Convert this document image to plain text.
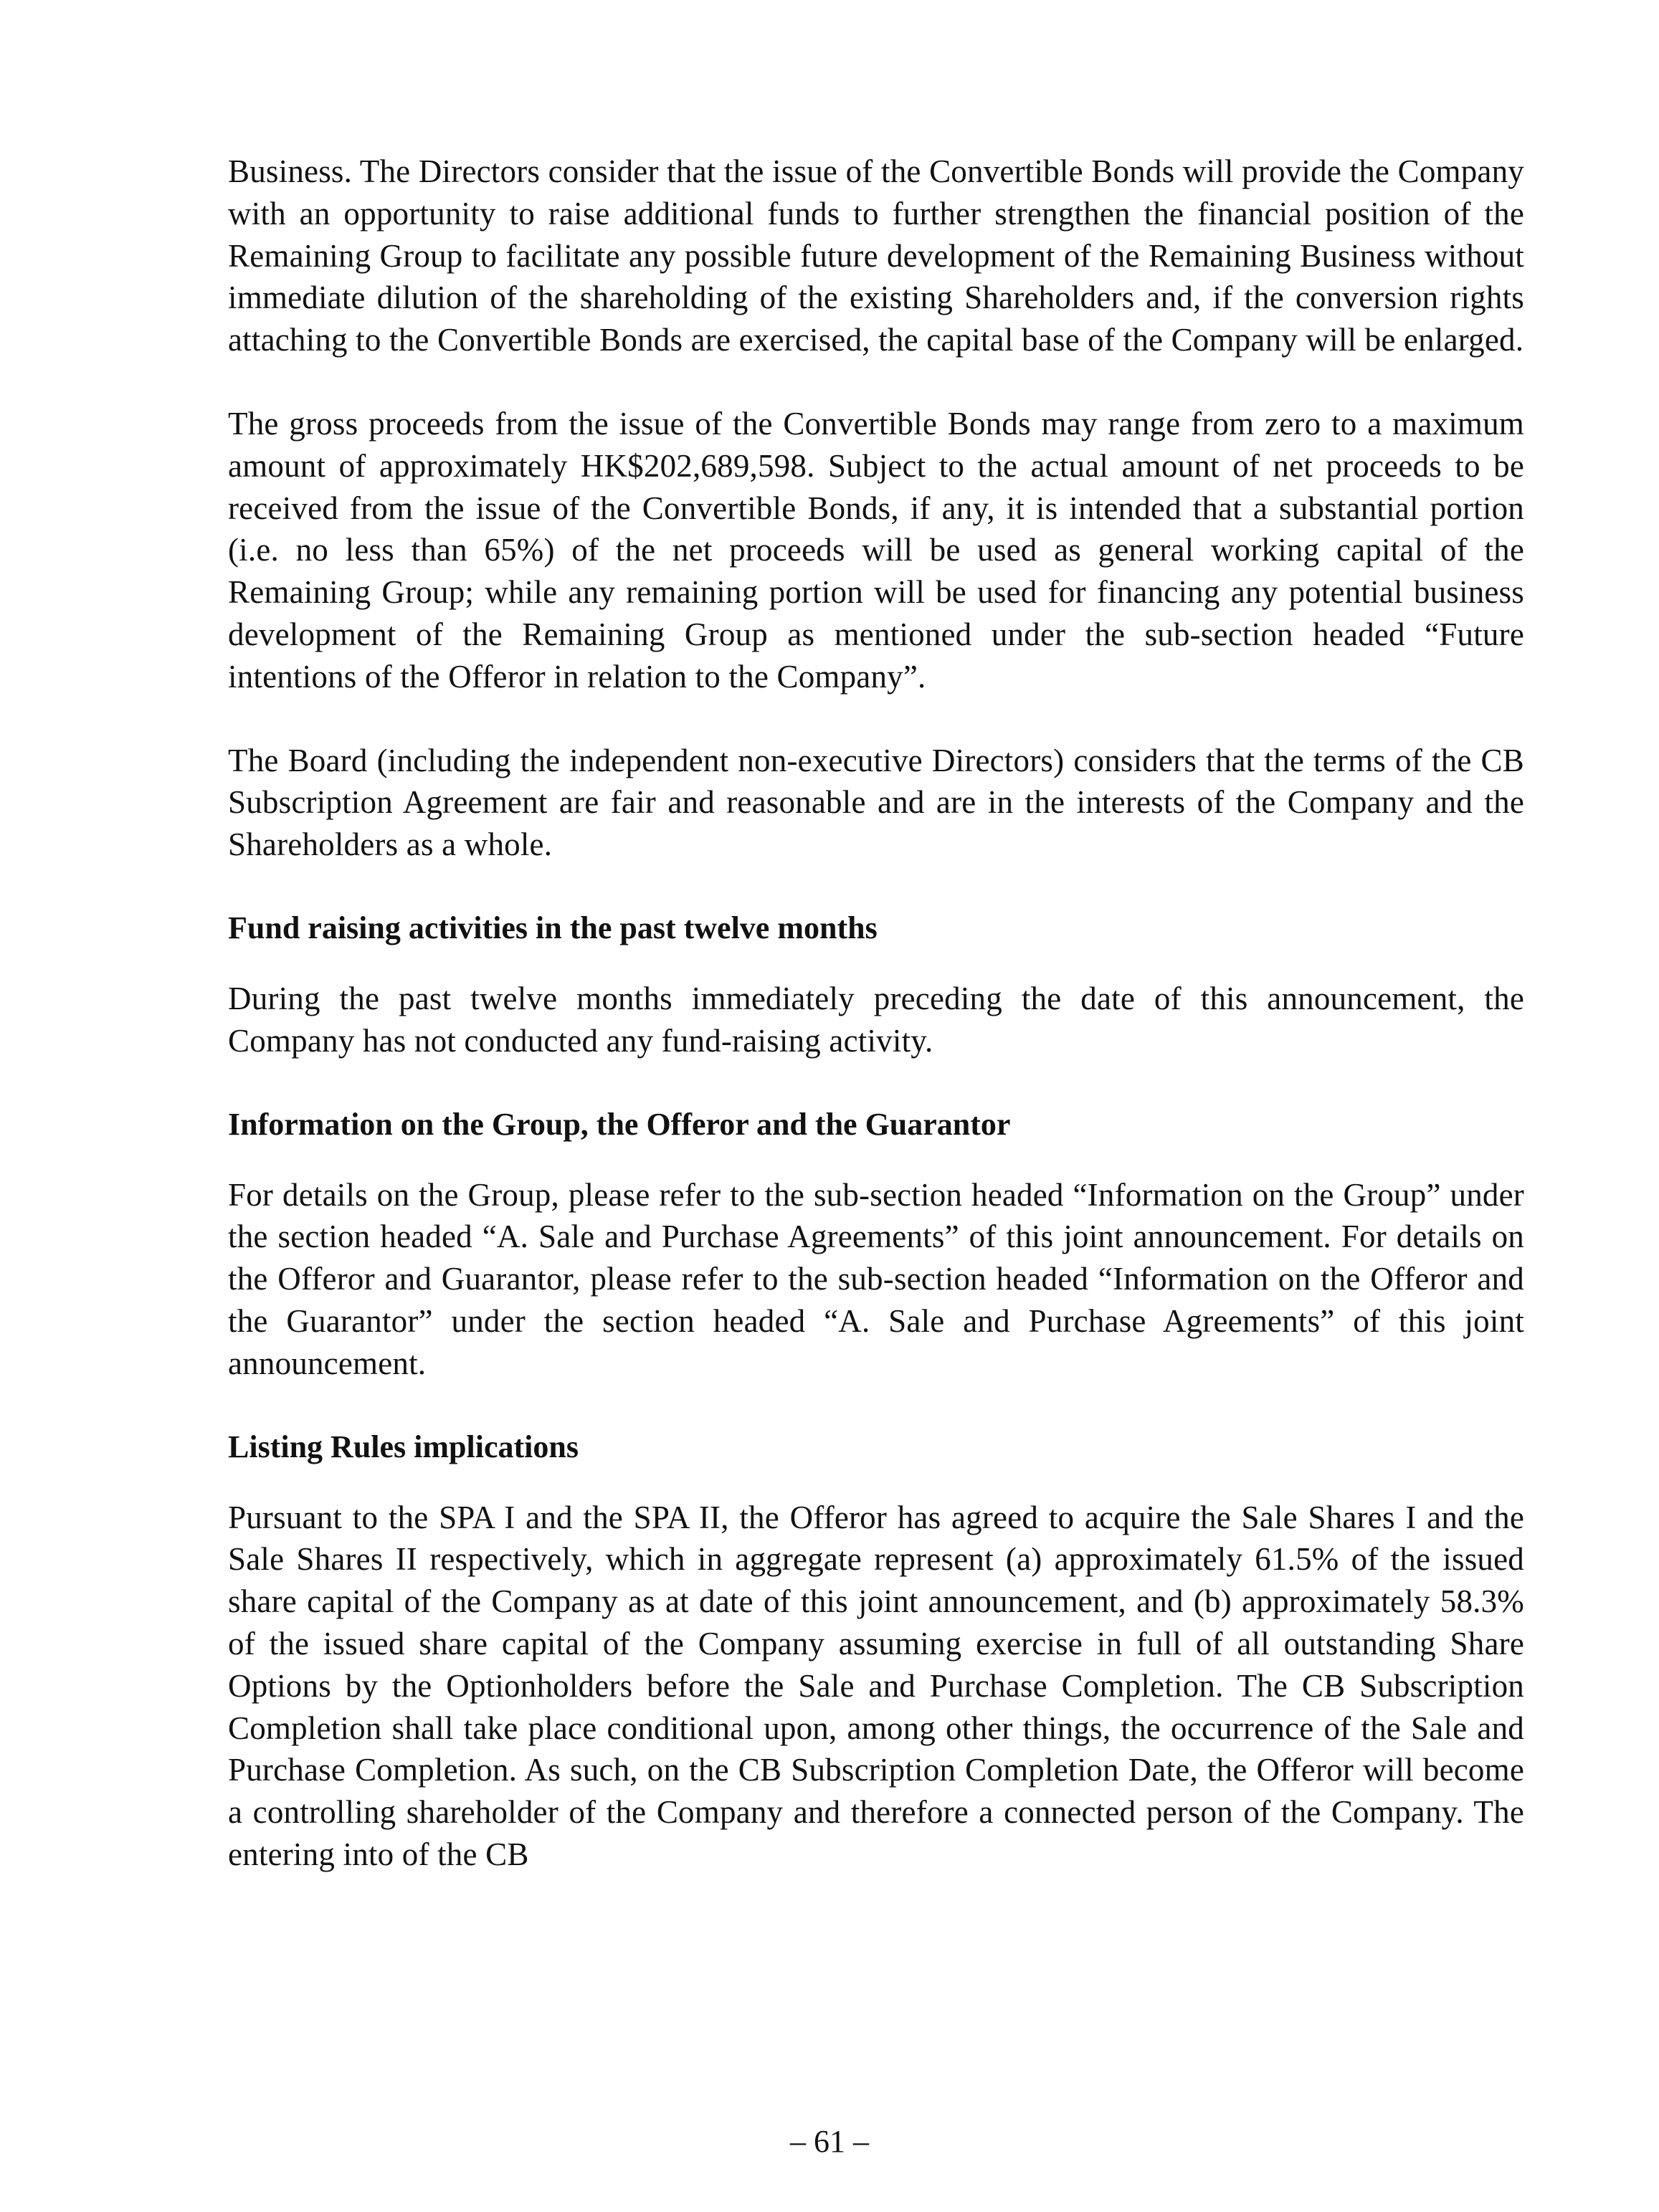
Business. The Directors consider that the issue of the Convertible Bonds will provide the Company with an opportunity to raise additional funds to further strengthen the financial position of the Remaining Group to facilitate any possible future development of the Remaining Business without immediate dilution of the shareholding of the existing Shareholders and, if the conversion rights attaching to the Convertible Bonds are exercised, the capital base of the Company will be enlarged.

The gross proceeds from the issue of the Convertible Bonds may range from zero to a maximum amount of approximately HK$202,689,598. Subject to the actual amount of net proceeds to be received from the issue of the Convertible Bonds, if any, it is intended that a substantial portion (i.e. no less than 65%) of the net proceeds will be used as general working capital of the Remaining Group; while any remaining portion will be used for financing any potential business development of the Remaining Group as mentioned under the sub-section headed “Future intentions of the Offeror in relation to the Company”.

The Board (including the independent non-executive Directors) considers that the terms of the CB Subscription Agreement are fair and reasonable and are in the interests of the Company and the Shareholders as a whole.

Fund raising activities in the past twelve months

During the past twelve months immediately preceding the date of this announcement, the Company has not conducted any fund-raising activity.

Information on the Group, the Offeror and the Guarantor

For details on the Group, please refer to the sub-section headed “Information on the Group” under the section headed “A. Sale and Purchase Agreements” of this joint announcement. For details on the Offeror and Guarantor, please refer to the sub-section headed “Information on the Offeror and the Guarantor” under the section headed “A. Sale and Purchase Agreements” of this joint announcement.

Listing Rules implications

Pursuant to the SPA I and the SPA II, the Offeror has agreed to acquire the Sale Shares I and the Sale Shares II respectively, which in aggregate represent (a) approximately 61.5% of the issued share capital of the Company as at date of this joint announcement, and (b) approximately 58.3% of the issued share capital of the Company assuming exercise in full of all outstanding Share Options by the Optionholders before the Sale and Purchase Completion. The CB Subscription Completion shall take place conditional upon, among other things, the occurrence of the Sale and Purchase Completion. As such, on the CB Subscription Completion Date, the Offeror will become a controlling shareholder of the Company and therefore a connected person of the Company. The entering into of the CB

– 61 –
